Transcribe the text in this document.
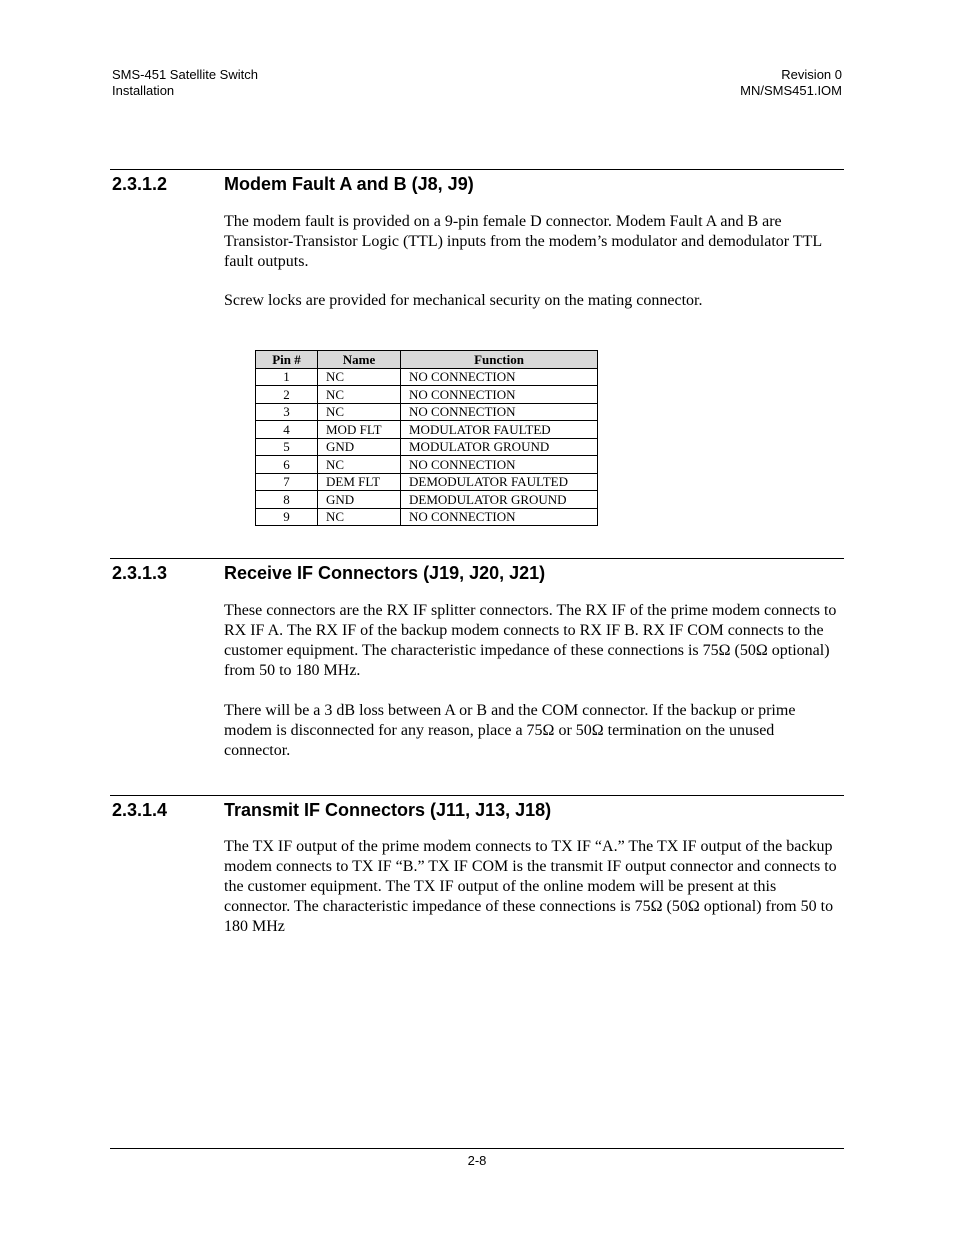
SMS-451 Satellite Switch
Installation
Revision 0
MN/SMS451.IOM
2.3.1.2	Modem Fault A and B (J8, J9)

The modem fault is provided on a 9-pin female D connector. Modem Fault A and B are Transistor-Transistor Logic (TTL) inputs from the modem’s modulator and demodulator TTL fault outputs.

Screw locks are provided for mechanical security on the mating connector.

Pin #	Name	Function
1	NC	NO CONNECTION
2	NC	NO CONNECTION
3	NC	NO CONNECTION
4	MOD FLT	MODULATOR FAULTED
5	GND	MODULATOR GROUND
6	NC	NO CONNECTION
7	DEM FLT	DEMODULATOR FAULTED
8	GND	DEMODULATOR GROUND
9	NC	NO CONNECTION
2.3.1.3	Receive IF Connectors (J19, J20, J21)

These connectors are the RX IF splitter connectors. The RX IF of the prime modem connects to RX IF A. The RX IF of the backup modem connects to RX IF B. RX IF COM connects to the customer equipment. The characteristic impedance of these connections is 75Ω (50Ω optional) from 50 to 180 MHz.

There will be a 3 dB loss between A or B and the COM connector. If the backup or prime modem is disconnected for any reason, place a 75Ω or 50Ω termination on the unused connector.

2.3.1.4	Transmit IF Connectors (J11, J13, J18)

The TX IF output of the prime modem connects to TX IF “A.” The TX IF output of the backup modem connects to TX IF “B.” TX IF COM is the transmit IF output connector and connects to the customer equipment. The TX IF output of the online modem will be present at this connector. The characteristic impedance of these connections is 75Ω (50Ω optional) from 50 to 180 MHz

2-8
